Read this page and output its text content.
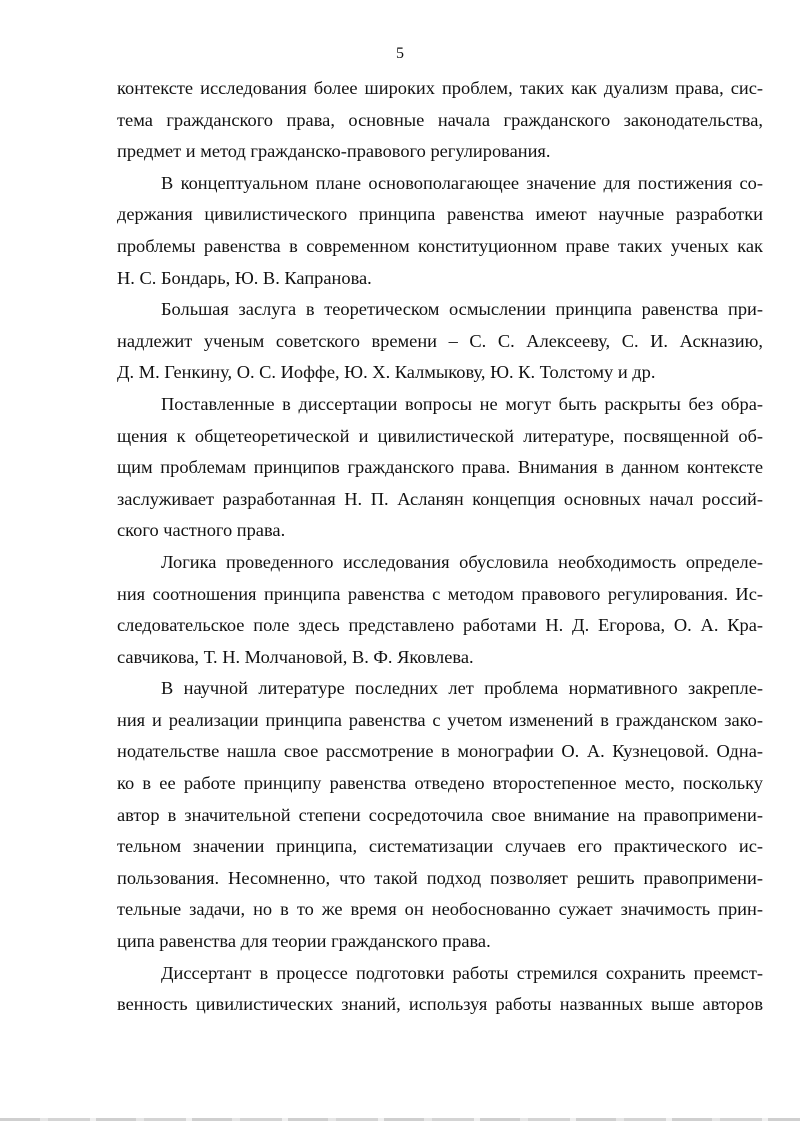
5

контексте исследования более широких проблем, таких как дуализм права, сис-
тема гражданского права, основные начала гражданского законодательства,
предмет и метод гражданско-правового регулирования.

В концептуальном плане основополагающее значение для постижения со-
держания цивилистического принципа равенства имеют научные разработки
проблемы равенства в современном конституционном праве таких ученых как
Н. С. Бондарь, Ю. В. Капранова.

Большая заслуга в теоретическом осмыслении принципа равенства при-
надлежит ученым советского времени – С. С. Алексееву, С. И. Аскназию,
Д. М. Генкину, О. С. Иоффе, Ю. Х. Калмыкову, Ю. К. Толстому и др.

Поставленные в диссертации вопросы не могут быть раскрыты без обра-
щения к общетеоретической и цивилистической литературе, посвященной об-
щим проблемам принципов гражданского права. Внимания в данном контексте
заслуживает разработанная Н. П. Асланян концепция основных начал россий-
ского частного права.

Логика проведенного исследования обусловила необходимость определе-
ния соотношения принципа равенства с методом правового регулирования. Ис-
следовательское поле здесь представлено работами Н. Д. Егорова, О. А. Кра-
савчикова, Т. Н. Молчановой, В. Ф. Яковлева.

В научной литературе последних лет проблема нормативного закрепле-
ния и реализации принципа равенства с учетом изменений в гражданском зако-
нодательстве нашла свое рассмотрение в монографии О. А. Кузнецовой. Одна-
ко в ее работе принципу равенства отведено второстепенное место, поскольку
автор в значительной степени сосредоточила свое внимание на правопримени-
тельном значении принципа, систематизации случаев его практического ис-
пользования. Несомненно, что такой подход позволяет решить правопримени-
тельные задачи, но в то же время он необоснованно сужает значимость прин-
ципа равенства для теории гражданского права.

Диссертант в процессе подготовки работы стремился сохранить преемст-
венность цивилистических знаний, используя работы названных выше авторов
